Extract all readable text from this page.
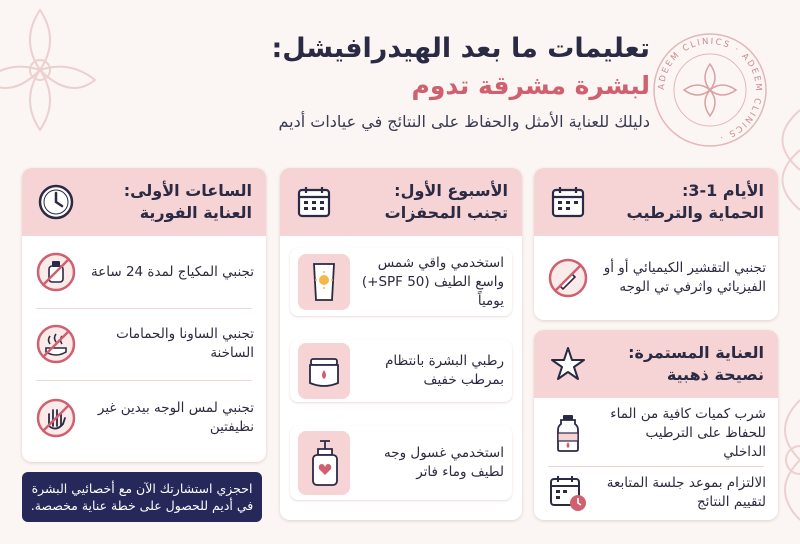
ADEEM CLINICS · ADEEM CLINICS ·
تعليمات ما بعد الهيدرافيشل:
لبشرة مشرقة تدوم
دليلك للعناية الأمثل والحفاظ على النتائج في عيادات أديم
الساعات الأولى:
العناية الفورية
تجنبي المكياج لمدة 24 ساعة
تجنبي الساونا والحمامات الساخنة
تجنبي لمس الوجه بيدين غير نظيفتين
احجزي استشارتك الآن مع أخصائيي البشرة
في أديم للحصول على خطة عناية مخصصة.
الأسبوع الأول:
تجنب المحفزات
استخدمي واقي شمس واسع الطيف (SPF 50+) يومياً
رطبي البشرة بانتظام بمرطب خفيف
استخدمي غسول وجه لطيف وماء فاتر
الأيام 1-3:
الحماية والترطيب
تجنبي التقشير الكيميائي أو أو الفيزيائي واثرفي تي الوجه
العناية المستمرة:
نصيحة ذهبية
شرب كميات كافية من الماء للحفاظ على الترطيب الداخلي
الالتزام بموعد جلسة المتابعة لتقييم النتائج
